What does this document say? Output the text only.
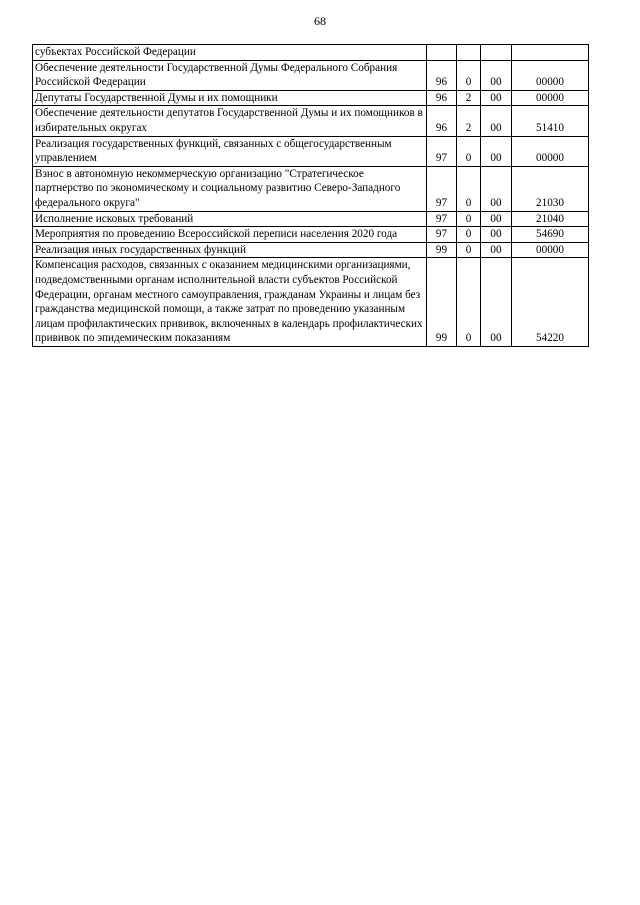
68
субъектах Российской Федерации				
Обеспечение деятельности Государственной Думы Федерального Собрания Российской Федерации	96	0	00	00000
Депутаты Государственной Думы и их помощники	96	2	00	00000
Обеспечение деятельности депутатов Государственной Думы и их помощников в избирательных округах	96	2	00	51410
Реализация государственных функций, связанных с общегосударственным управлением	97	0	00	00000
Взнос в автономную некоммерческую организацию "Стратегическое партнерство по экономическому и социальному развитию Северо-Западного федерального округа"	97	0	00	21030
Исполнение исковых требований	97	0	00	21040
Мероприятия по проведению Всероссийской переписи населения 2020 года	97	0	00	54690
Реализация иных государственных функций	99	0	00	00000
Компенсация расходов, связанных с оказанием медицинскими организациями, подведомственными органам исполнительной власти субъектов Российской Федерации, органам местного самоуправления, гражданам Украины и лицам без гражданства медицинской помощи, а также затрат по проведению указанным лицам профилактических прививок, включенных в календарь профилактических прививок по эпидемическим показаниям	99	0	00	54220
